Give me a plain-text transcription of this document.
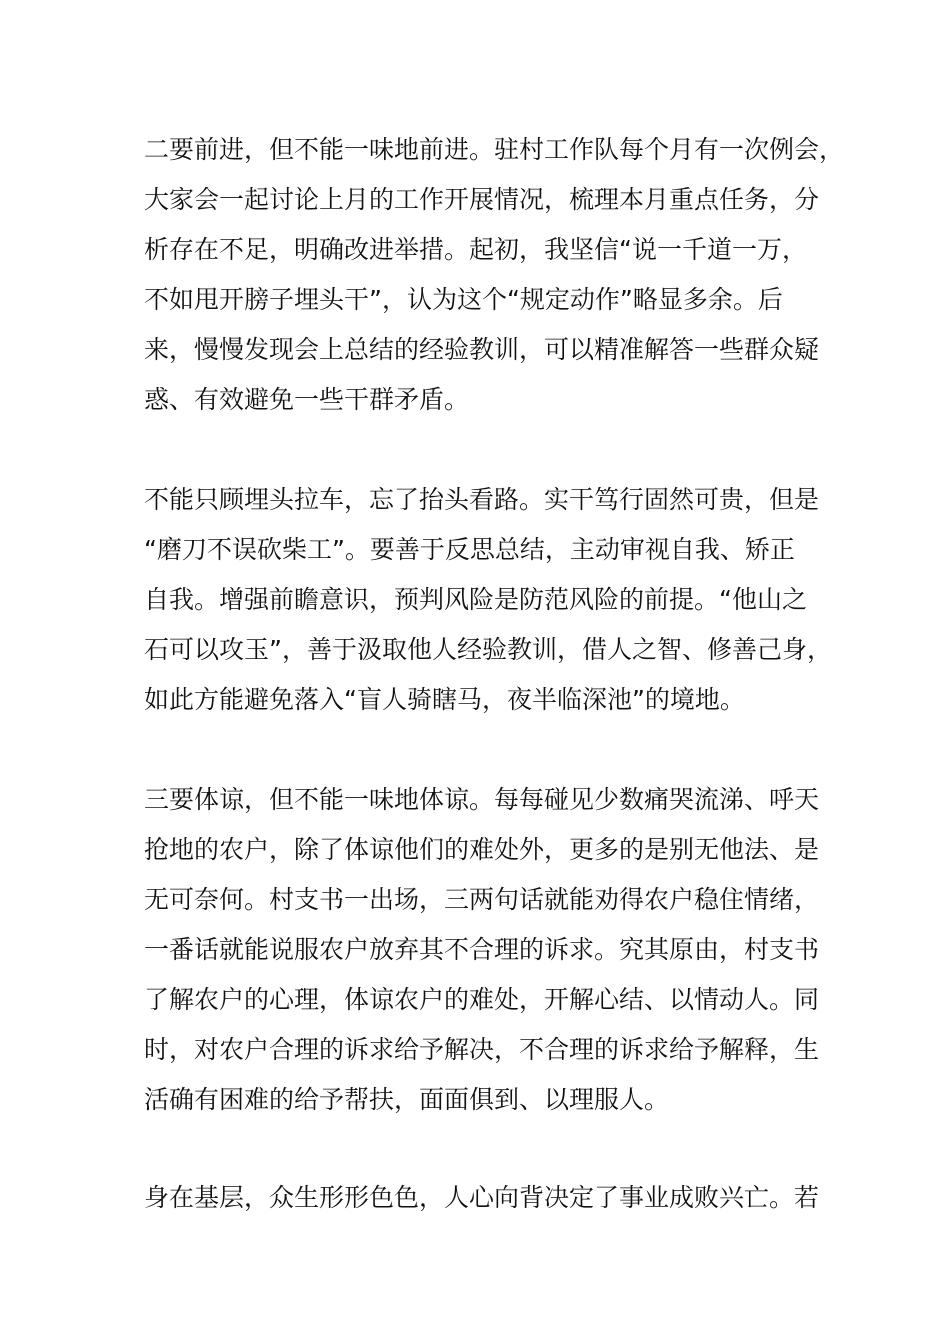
二要前进，但不能一味地前进。驻村工作队每个月有一次例会，
大家会一起讨论上月的工作开展情况，梳理本月重点任务，分
析存在不足，明确改进举措。起初，我坚信“说一千道一万，
不如甩开膀子埋头干”，认为这个“规定动作”略显多余。后
来，慢慢发现会上总结的经验教训，可以精准解答一些群众疑
惑、有效避免一些干群矛盾。
不能只顾埋头拉车，忘了抬头看路。实干笃行固然可贵，但是
“磨刀不误砍柴工”。要善于反思总结，主动审视自我、矫正
自我。增强前瞻意识，预判风险是防范风险的前提。“他山之
石可以攻玉”，善于汲取他人经验教训，借人之智、修善己身，
如此方能避免落入“盲人骑瞎马，夜半临深池”的境地。
三要体谅，但不能一味地体谅。每每碰见少数痛哭流涕、呼天
抢地的农户，除了体谅他们的难处外，更多的是别无他法、是
无可奈何。村支书一出场，三两句话就能劝得农户稳住情绪，
一番话就能说服农户放弃其不合理的诉求。究其原由，村支书
了解农户的心理，体谅农户的难处，开解心结、以情动人。同
时，对农户合理的诉求给予解决，不合理的诉求给予解释，生
活确有困难的给予帮扶，面面俱到、以理服人。
身在基层，众生形形色色，人心向背决定了事业成败兴亡。若
